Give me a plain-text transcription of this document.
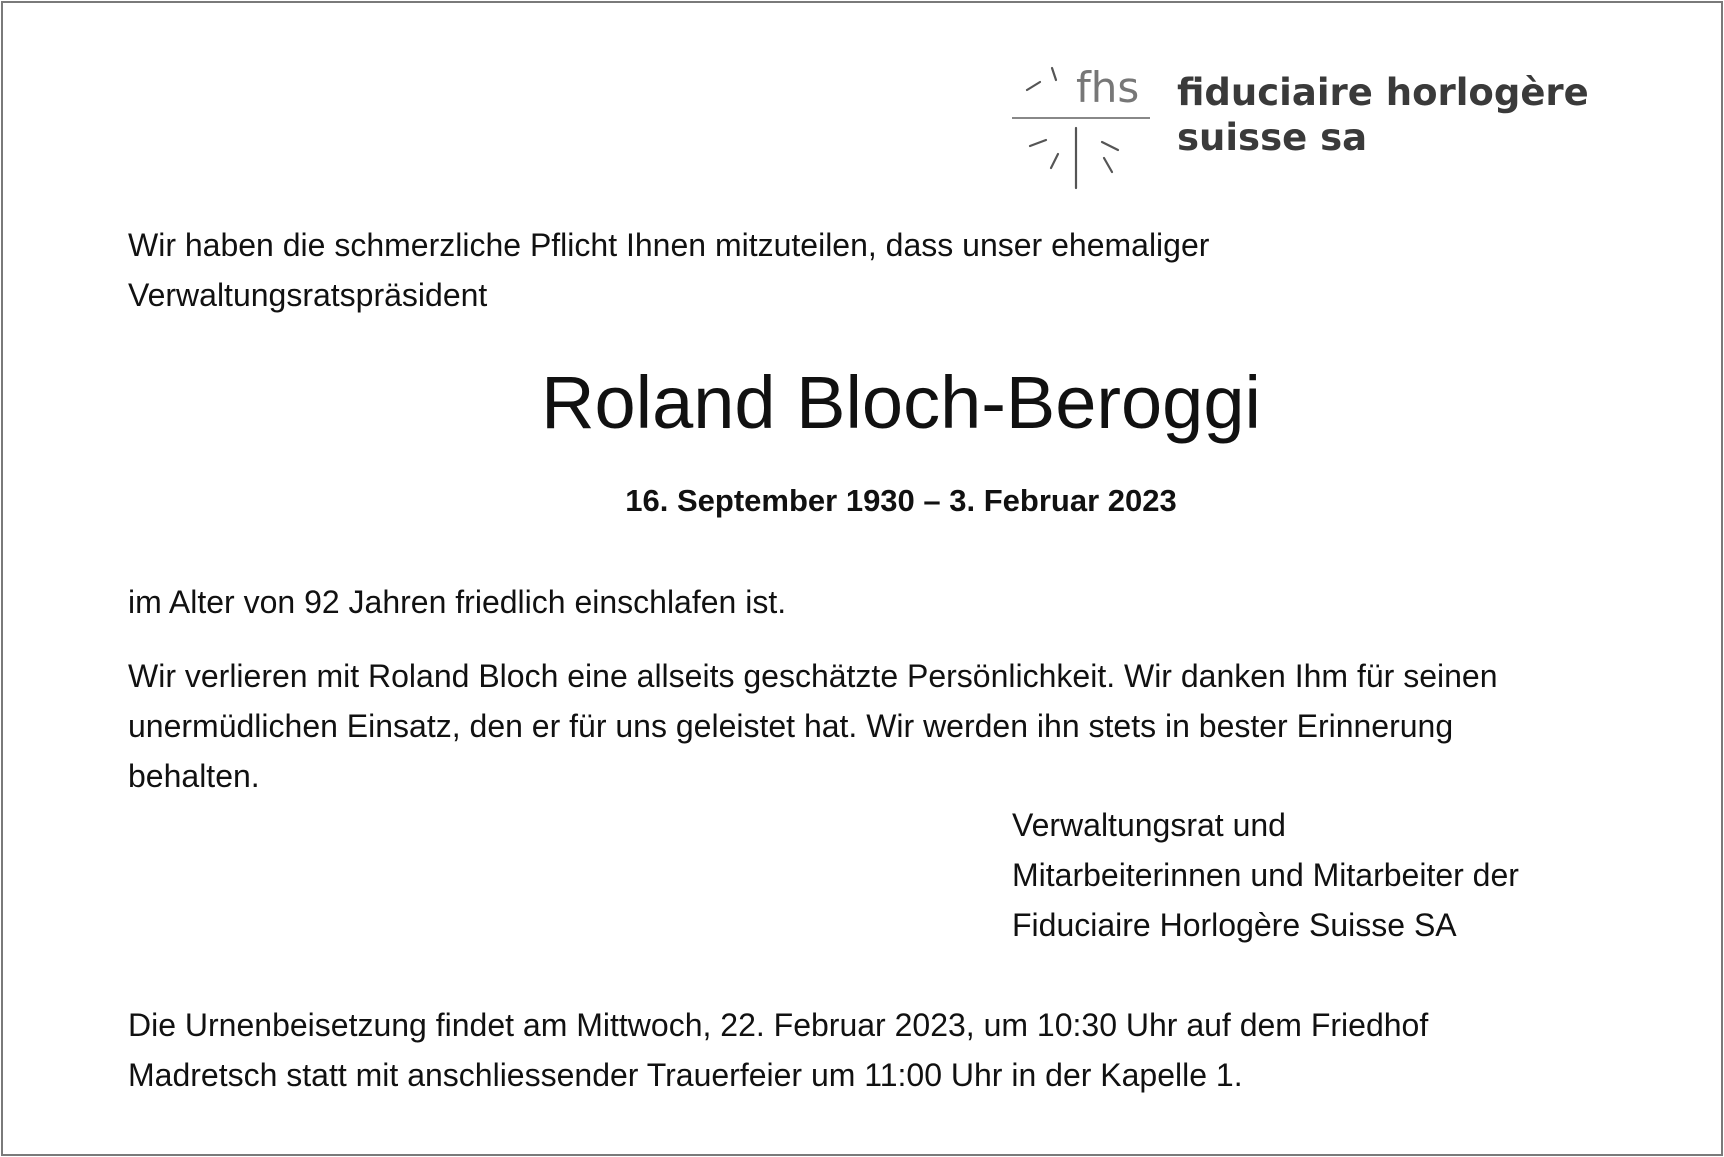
fhs fiduciaire horlogère
suisse sa
Wir haben die schmerzliche Pflicht Ihnen mitzuteilen, dass unser ehemaliger
Verwaltungsratspräsident
Roland Bloch-Beroggi
16. September 1930 – 3. Februar 2023
im Alter von 92 Jahren friedlich einschlafen ist.
Wir verlieren mit Roland Bloch eine allseits geschätzte Persönlichkeit. Wir danken Ihm für seinen
unermüdlichen Einsatz, den er für uns geleistet hat. Wir werden ihn stets in bester Erinnerung
behalten.
Verwaltungsrat und
Mitarbeiterinnen und Mitarbeiter der
Fiduciaire Horlogère Suisse SA
Die Urnenbeisetzung findet am Mittwoch, 22. Februar 2023, um 10:30 Uhr auf dem Friedhof
Madretsch statt mit anschliessender Trauerfeier um 11:00 Uhr in der Kapelle 1.
